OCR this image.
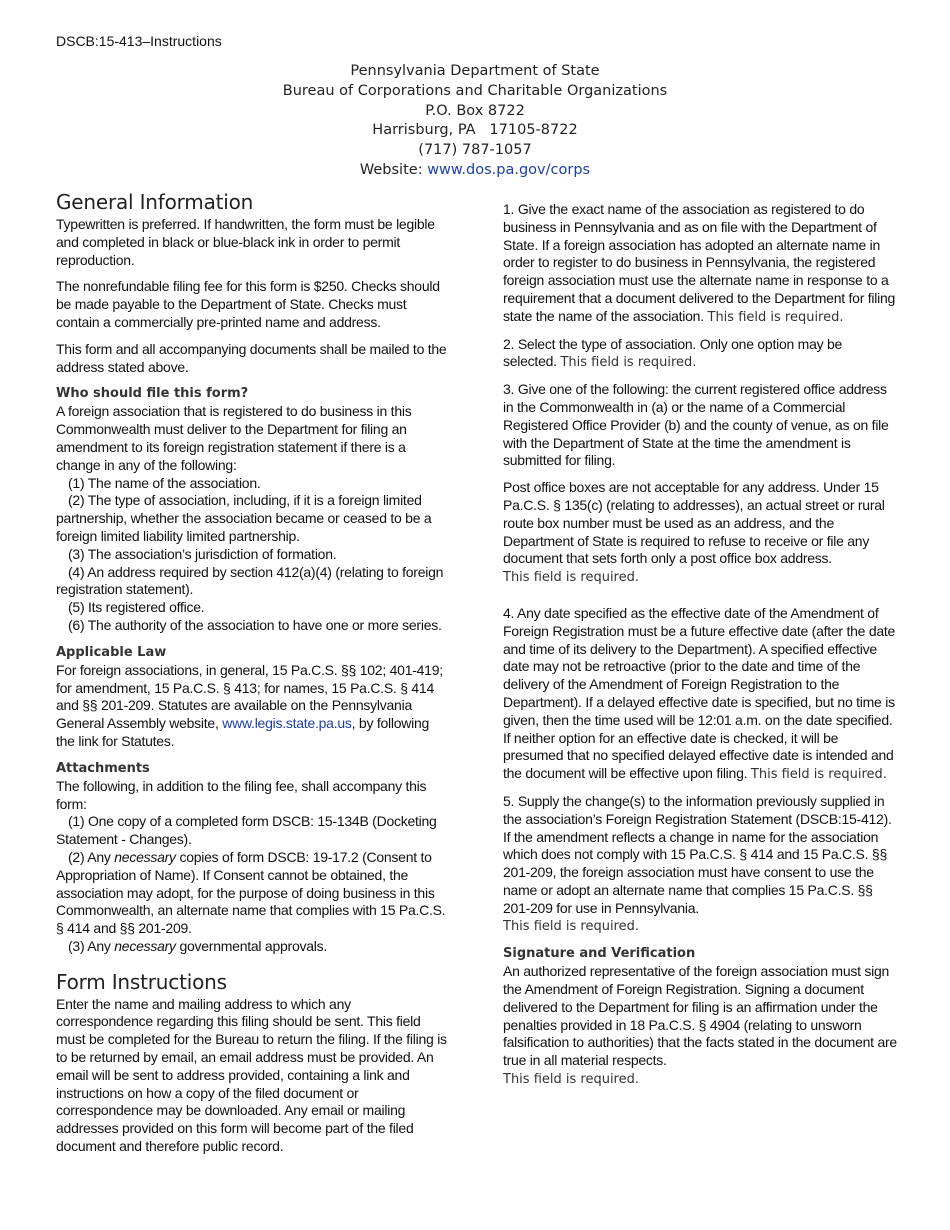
DSCB:15-413–Instructions
Pennsylvania Department of State
Bureau of Corporations and Charitable Organizations
P.O. Box 8722
Harrisburg, PA   17105-8722
(717) 787-1057
Website: www.dos.pa.gov/corps
General Information

Typewritten is preferred. If handwritten, the form must be legible and completed in black or blue-black ink in order to permit reproduction.

The nonrefundable filing fee for this form is $250. Checks should be made payable to the Department of State. Checks must contain a commercially pre-printed name and address.

This form and all accompanying documents shall be mailed to the address stated above.

Who should file this form?

A foreign association that is registered to do business in this Commonwealth must deliver to the Department for filing an amendment to its foreign registration statement if there is a change in any of the following:

(1) The name of the association.

(2) The type of association, including, if it is a foreign limited partnership, whether the association became or ceased to be a foreign limited liability limited partnership.

(3) The association’s jurisdiction of formation.

(4) An address required by section 412(a)(4) (relating to foreign registration statement).

(5) Its registered office.

(6) The authority of the association to have one or more series.

Applicable Law

For foreign associations, in general, 15 Pa.C.S. §§ 102; 401-419; for amendment, 15 Pa.C.S. § 413; for names, 15 Pa.C.S. § 414 and §§ 201-209. Statutes are available on the Pennsylvania General Assembly website, www.legis.state.pa.us, by following the link for Statutes.

Attachments

The following, in addition to the filing fee, shall accompany this form:

(1) One copy of a completed form DSCB: 15-134B (Docketing Statement - Changes).

(2) Any necessary copies of form DSCB: 19-17.2 (Consent to Appropriation of Name). If Consent cannot be obtained, the association may adopt, for the purpose of doing business in this Commonwealth, an alternate name that complies with 15 Pa.C.S. § 414 and §§ 201-209.

(3) Any necessary governmental approvals.

Form Instructions

Enter the name and mailing address to which any correspondence regarding this filing should be sent. This field must be completed for the Bureau to return the filing. If the filing is to be returned by email, an email address must be provided. An email will be sent to address provided, containing a link and instructions on how a copy of the filed document or correspondence may be downloaded. Any email or mailing addresses provided on this form will become part of the filed document and therefore public record.

1. Give the exact name of the association as registered to do business in Pennsylvania and as on file with the Department of State. If a foreign association has adopted an alternate name in order to register to do business in Pennsylvania, the registered foreign association must use the alternate name in response to a requirement that a document delivered to the Department for filing state the name of the association. This field is required.

2. Select the type of association. Only one option may be selected. This field is required.

3. Give one of the following: the current registered office address in the Commonwealth in (a) or the name of a Commercial Registered Office Provider (b) and the county of venue, as on file with the Department of State at the time the amendment is submitted for filing.

Post office boxes are not acceptable for any address. Under 15 Pa.C.S. § 135(c) (relating to addresses), an actual street or rural route box number must be used as an address, and the Department of State is required to refuse to receive or file any document that sets forth only a post office box address.

This field is required.

4. Any date specified as the effective date of the Amendment of Foreign Registration must be a future effective date (after the date and time of its delivery to the Department). A specified effective date may not be retroactive (prior to the date and time of the delivery of the Amendment of Foreign Registration to the Department). If a delayed effective date is specified, but no time is given, then the time used will be 12:01 a.m. on the date specified. If neither option for an effective date is checked, it will be presumed that no specified delayed effective date is intended and the document will be effective upon filing. This field is required.

5. Supply the change(s) to the information previously supplied in the association’s Foreign Registration Statement (DSCB:15-412). If the amendment reflects a change in name for the association which does not comply with 15 Pa.C.S. § 414 and 15 Pa.C.S. §§ 201-209, the foreign association must have consent to use the name or adopt an alternate name that complies 15 Pa.C.S. §§ 201-209 for use in Pennsylvania.

This field is required.

Signature and Verification

An authorized representative of the foreign association must sign the Amendment of Foreign Registration. Signing a document delivered to the Department for filing is an affirmation under the penalties provided in 18 Pa.C.S. § 4904 (relating to unsworn falsification to authorities) that the facts stated in the document are true in all material respects.

This field is required.
